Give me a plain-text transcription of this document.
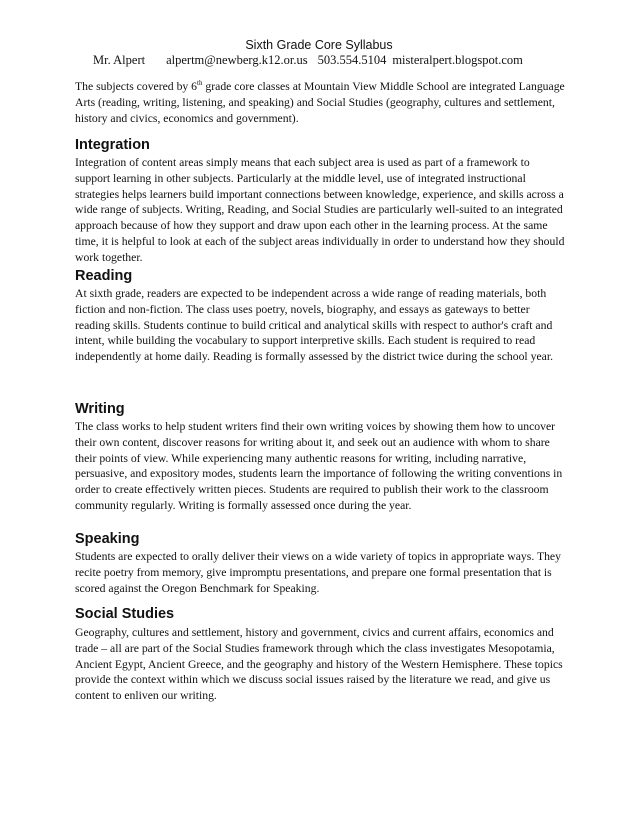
Sixth Grade Core Syllabus
Mr. Alpert alpertm@newberg.k12.or.us 503.554.5104 misteralpert.blogspot.com

The subjects covered by 6th grade core classes at Mountain View Middle School are integrated Language Arts (reading, writing, listening, and speaking) and Social Studies (geography, cultures and settlement, history and civics, economics and government).

Integration

Integration of content areas simply means that each subject area is used as part of a framework to support learning in other subjects. Particularly at the middle level, use of integrated instructional strategies helps learners build important connections between knowledge, experience, and skills across a wide range of subjects. Writing, Reading, and Social Studies are particularly well-suited to an integrated approach because of how they support and draw upon each other in the learning process. At the same time, it is helpful to look at each of the subject areas individually in order to understand how they should work together.

Reading

At sixth grade, readers are expected to be independent across a wide range of reading materials, both fiction and non-fiction. The class uses poetry, novels, biography, and essays as gateways to better reading skills. Students continue to build critical and analytical skills with respect to author's craft and intent, while building the vocabulary to support interpretive skills. Each student is required to read independently at home daily. Reading is formally assessed by the district twice during the school year.

Writing

The class works to help student writers find their own writing voices by showing them how to uncover their own content, discover reasons for writing about it, and seek out an audience with whom to share their points of view. While experiencing many authentic reasons for writing, including narrative, persuasive, and expository modes, students learn the importance of following the writing conventions in order to create effectively written pieces. Students are required to publish their work to the classroom community regularly. Writing is formally assessed once during the year.

Speaking

Students are expected to orally deliver their views on a wide variety of topics in appropriate ways. They recite poetry from memory, give impromptu presentations, and prepare one formal presentation that is scored against the Oregon Benchmark for Speaking.

Social Studies

Geography, cultures and settlement, history and government, civics and current affairs, economics and trade – all are part of the Social Studies framework through which the class investigates Mesopotamia, Ancient Egypt, Ancient Greece, and the geography and history of the Western Hemisphere. These topics provide the context within which we discuss social issues raised by the literature we read, and give us content to enliven our writing.
